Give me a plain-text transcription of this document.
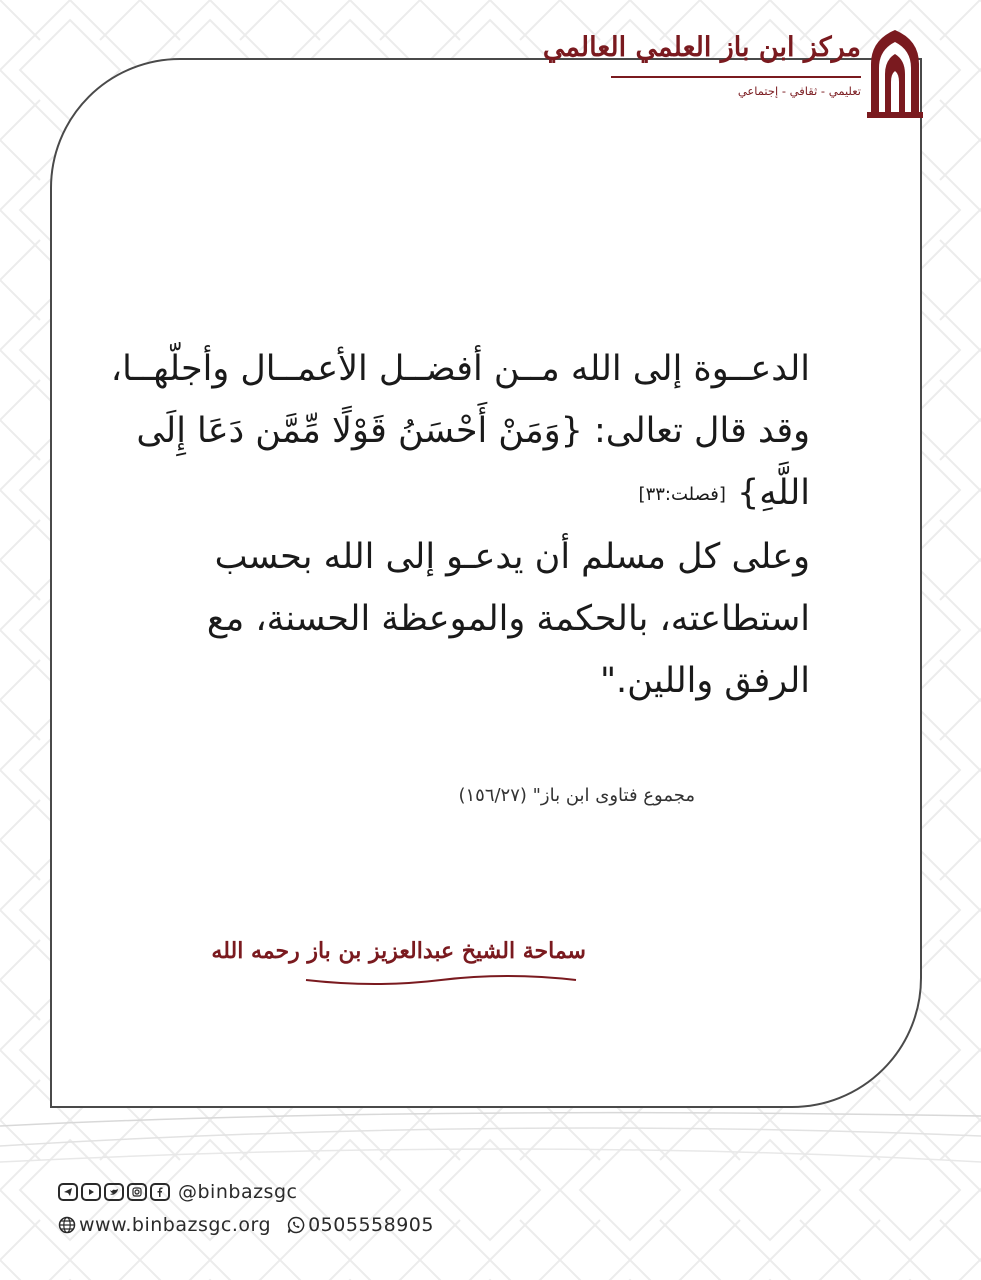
مركز ابن باز العلمي العالمي
تعليمي - ثقافي - إجتماعي

الدعــوة إلى الله مــن أفضــل الأعمــال وأجلّهــا،
وقد قال تعالى: {وَمَنْ أَحْسَنُ قَوْلًا مِّمَّن دَعَا إِلَى
اللَّهِ} [فصلت:٣٣]
وعلى كل مسلم أن يدعـو إلى الله بحسب
استطاعته، بالحكمة والموعظة الحسنة، مع
الرفق واللين."

مجموع فتاوى ابن باز" (١٥٦/٢٧)
سماحة الشيخ عبدالعزيز بن باز رحمه الله
@binbazsgc
www.binbazsgc.org 0505558905
